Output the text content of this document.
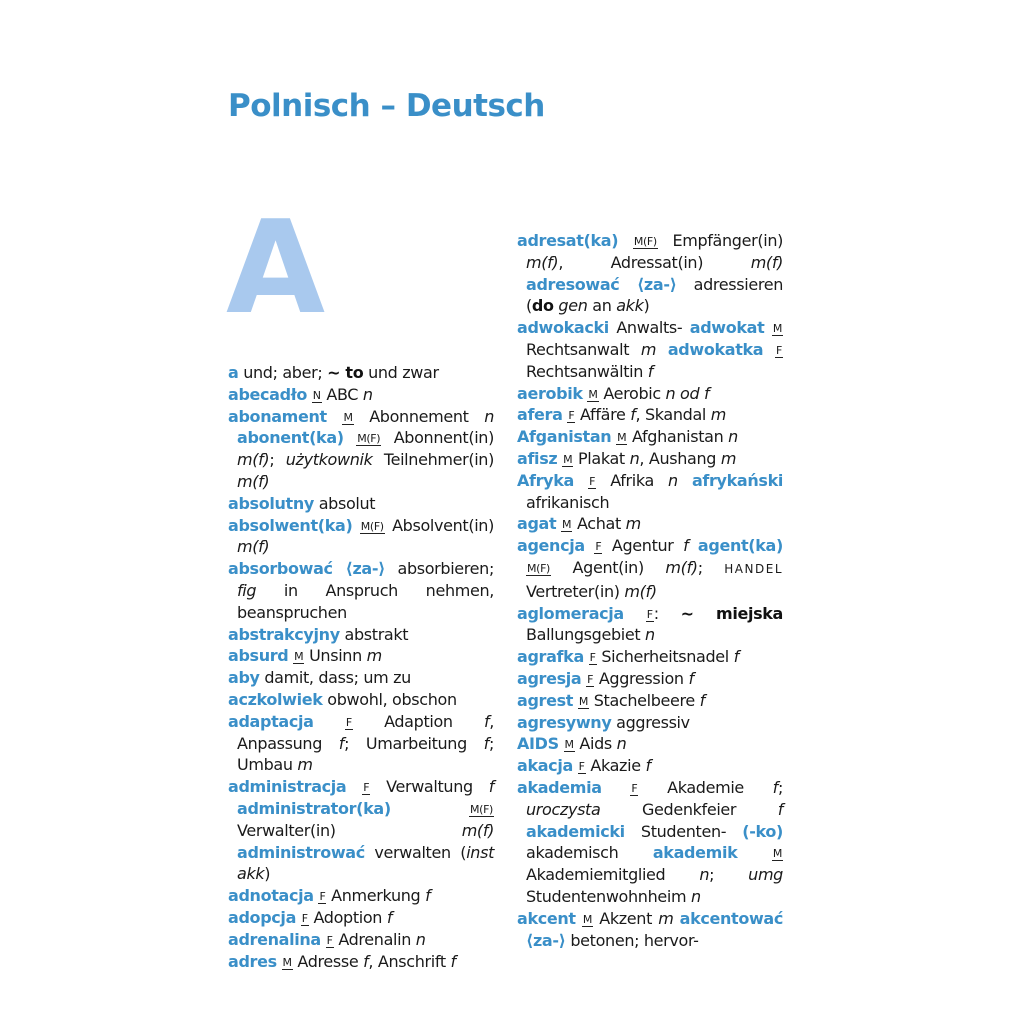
Polnisch – Deutsch
A

a und; aber; ~ to und zwar

abecadło N ABC n

abonament M Abonnement n abonent(ka) M(F) Abonnent(in) m(f); użytkownik Teilnehmer(in) m(f)

absolutny absolut

absolwent(ka) M(F) Absolvent(in) m(f)

absorbować ⟨za-⟩ absorbieren; fig in Anspruch nehmen, beanspruchen

abstrakcyjny abstrakt

absurd M Unsinn m

aby damit, dass; um zu

aczkolwiek obwohl, obschon

adaptacja	F Adaption f, Anpassung f; Umarbeitung f; Umbau m

administracja F Verwaltung f administrator(ka)	M(F) Verwalter(in) m(f) administrować verwalten (inst akk)

adnotacja F Anmerkung f

adopcja F Adoption f

adrenalina F Adrenalin n

adres M Adresse f, Anschrift f

adresat(ka) M(F) Empfänger(in) m(f), Adressat(in) m(f) adresować ⟨za-⟩ adressieren (do gen an akk)

adwokacki Anwalts- adwokat M Rechtsanwalt m adwokatka F Rechtsanwältin f

aerobik M Aerobic n od f

afera F Affäre f, Skandal m

Afganistan M Afghanistan n

afisz M Plakat n, Aushang m

Afryka F Afrika n afrykański afrikanisch

agat M Achat m

agencja F Agentur f agent(ka) M(F) Agent(in) m(f); HANDEL Vertreter(in) m(f)

aglomeracja F: ~ miejska Ballungsgebiet n

agrafka F Sicherheitsnadel f

agresja F Aggression f

agrest M Stachelbeere f

agresywny aggressiv

AIDS M Aids n

akacja F Akazie f

akademia	F Akademie f; uroczysta Gedenkfeier f akademicki Studenten- (-ko) akademisch akademik	M Akademiemitglied n; umg Studentenwohnheim n

akcent M Akzent m akcentować ⟨za-⟩ betonen; hervor-
